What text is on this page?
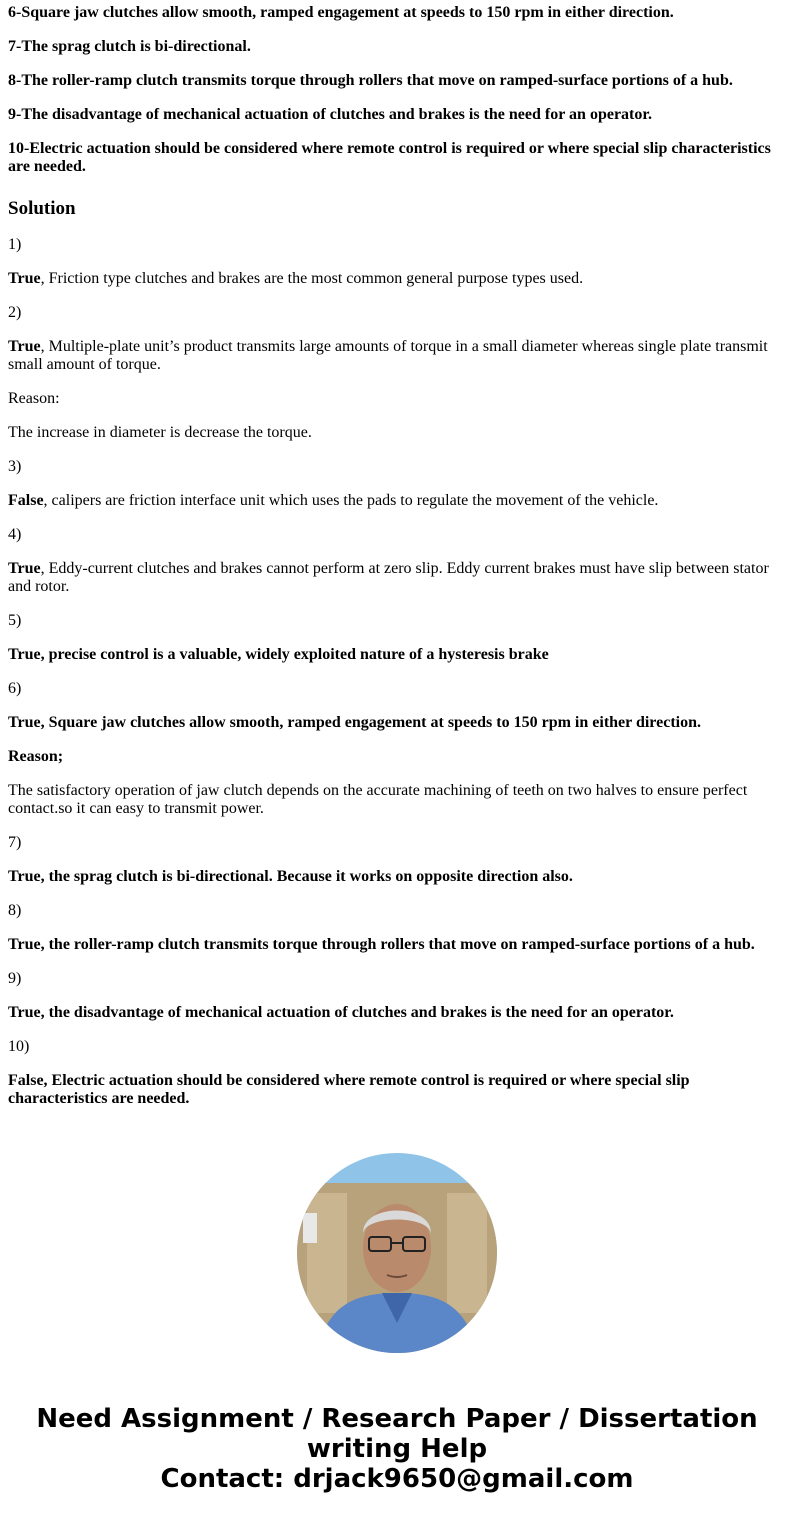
6-Square jaw clutches allow smooth, ramped engagement at speeds to 150 rpm in either direction.

7-The sprag clutch is bi-directional.

8-The roller-ramp clutch transmits torque through rollers that move on ramped-surface portions of a hub.

9-The disadvantage of mechanical actuation of clutches and brakes is the need for an operator.

10-Electric actuation should be considered where remote control is required or where special slip characteristics are needed.

Solution

1)

True, Friction type clutches and brakes are the most common general purpose types used.

2)

True, Multiple-plate unit’s product transmits large amounts of torque in a small diameter whereas single plate transmit small amount of torque.

Reason:

The increase in diameter is decrease the torque.

3)

False, calipers are friction interface unit which uses the pads to regulate the movement of the vehicle.

4)

True, Eddy-current clutches and brakes cannot perform at zero slip. Eddy current brakes must have slip between stator and rotor.

5)

True, precise control is a valuable, widely exploited nature of a hysteresis brake

6)

True, Square jaw clutches allow smooth, ramped engagement at speeds to 150 rpm in either direction.

Reason;

The satisfactory operation of jaw clutch depends on the accurate machining of teeth on two halves to ensure perfect contact.so it can easy to transmit power.

7)

True, the sprag clutch is bi-directional. Because it works on opposite direction also.

8)

True, the roller-ramp clutch transmits torque through rollers that move on ramped-surface portions of a hub.

9)

True, the disadvantage of mechanical actuation of clutches and brakes is the need for an operator.

10)

False, Electric actuation should be considered where remote control is required or where special slip characteristics are needed.

Need Assignment / Research Paper / Dissertation
writing Help
Contact: drjack9650@gmail.com
